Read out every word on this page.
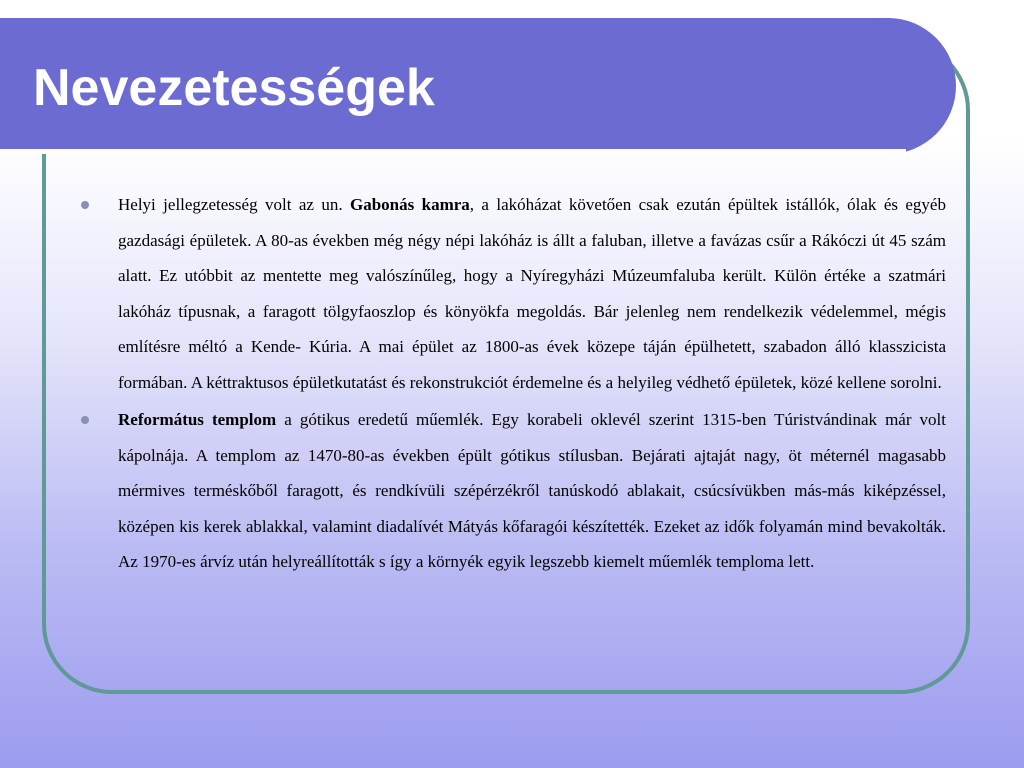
Nevezetességek
Helyi jellegzetesség volt az un. Gabonás kamra, a lakóházat követően csak ezután épültek istállók, ólak és egyéb gazdasági épületek. A 80-as években még négy népi lakóház is állt a faluban, illetve a favázas csűr a Rákóczi út 45 szám alatt. Ez utóbbit az mentette meg valószínűleg, hogy a Nyíregyházi Múzeumfaluba került. Külön értéke a szatmári lakóház típusnak, a faragott tölgyfaoszlop és könyökfa megoldás. Bár jelenleg nem rendelkezik védelemmel, mégis említésre méltó a Kende- Kúria. A mai épület az 1800-as évek közepe táján épülhetett, szabadon álló klasszicista formában. A kéttraktusos épületkutatást és rekonstrukciót érdemelne és a helyileg védhető épületek, közé kellene sorolni.
Református templom a gótikus eredetű műemlék. Egy korabeli oklevél szerint 1315-ben Túristvándinak már volt kápolnája. A templom az 1470-80-as években épült gótikus stílusban. Bejárati ajtaját nagy, öt méternél magasabb mérmives terméskőből faragott, és rendkívüli szépérzékről tanúskodó ablakait, csúcsívükben más-más kiképzéssel, középen kis kerek ablakkal, valamint diadalívét Mátyás kőfaragói készítették. Ezeket az idők folyamán mind bevakolták. Az 1970-es árvíz után helyreállították s így a környék egyik legszebb kiemelt műemlék temploma lett.
